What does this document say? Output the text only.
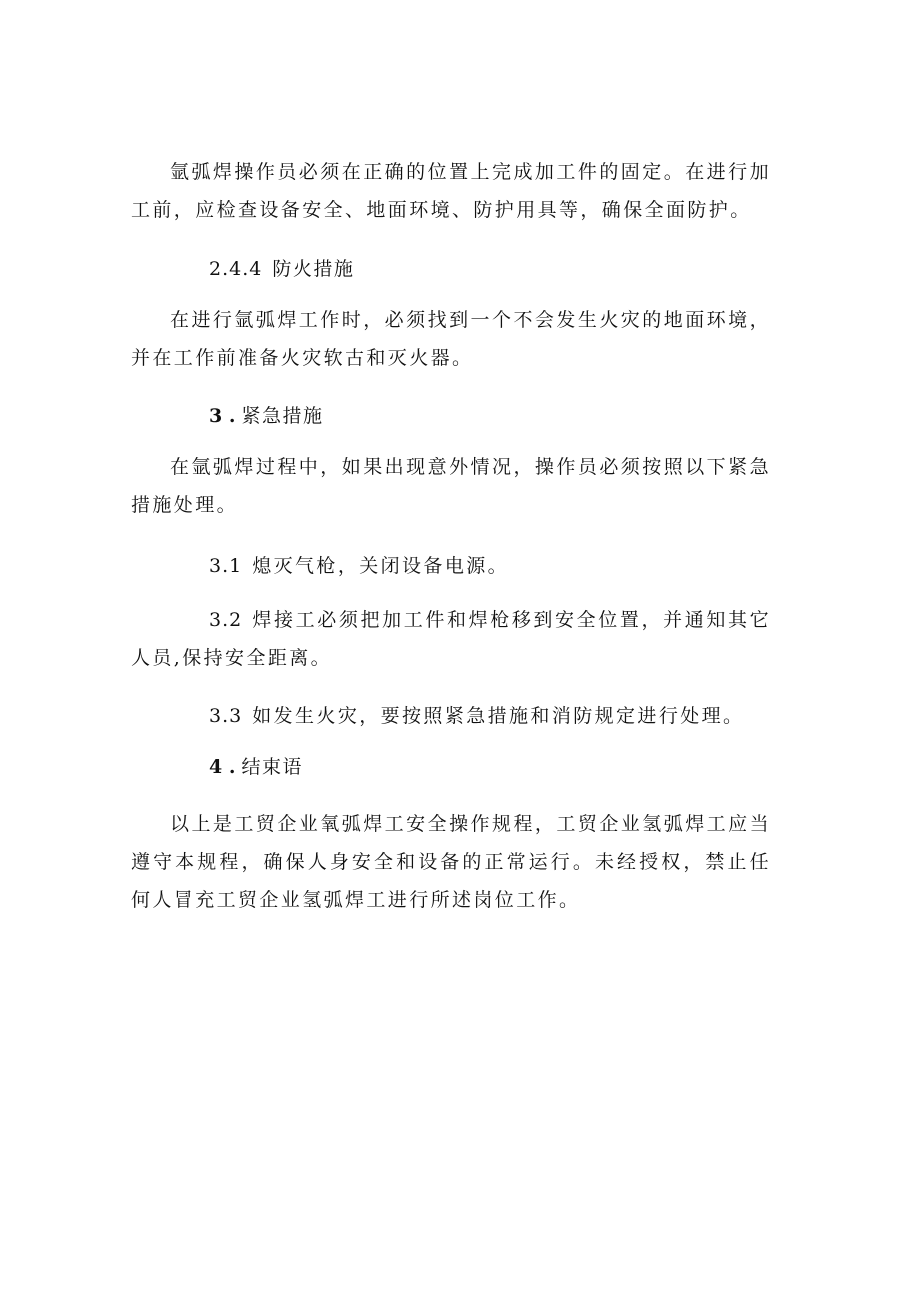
氩弧焊操作员必须在正确的位置上完成加工件的固定。在进行加工前，应检查设备安全、地面环境、防护用具等，确保全面防护。

2.4.4 防火措施

在进行氩弧焊工作时，必须找到一个不会发生火灾的地面环境，并在工作前准备火灾软古和灭火器。

3 . 紧急措施

在氩弧焊过程中，如果出现意外情况，操作员必须按照以下紧急措施处理。

3.1 熄灭气枪，关闭设备电源。

3.2 焊接工必须把加工件和焊枪移到安全位置，并通知其它人员,保持安全距离。

3.3 如发生火灾，要按照紧急措施和消防规定进行处理。

4 . 结束语

以上是工贸企业氧弧焊工安全操作规程，工贸企业氢弧焊工应当遵守本规程，确保人身安全和设备的正常运行。未经授权，禁止任何人冒充工贸企业氢弧焊工进行所述岗位工作。
